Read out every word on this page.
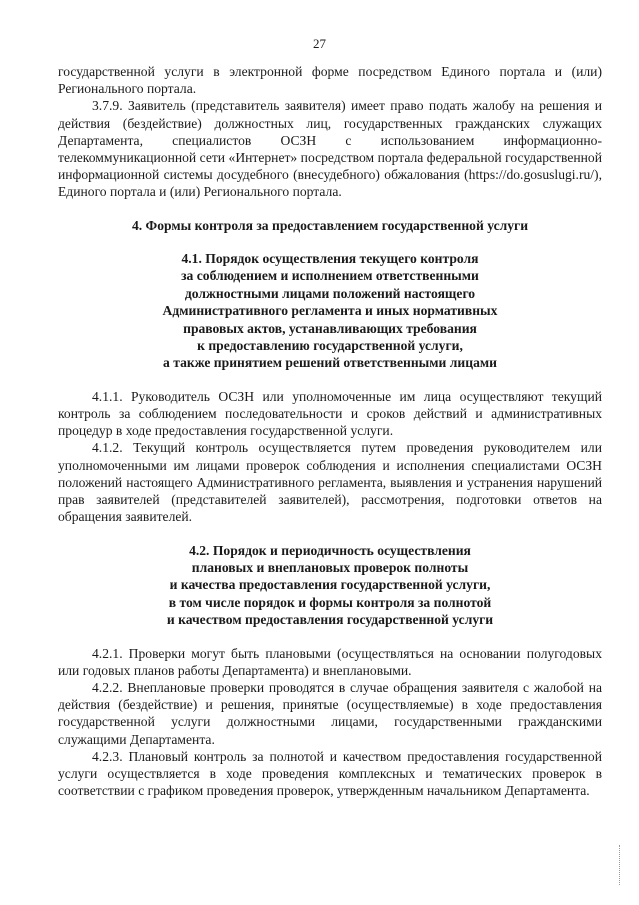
27

государственной услуги в электронной форме посредством Единого портала и (или) Регионального портала.

3.7.9. Заявитель (представитель заявителя) имеет право подать жалобу на решения и действия (бездействие) должностных лиц, государственных гражданских служащих Департамента, специалистов ОСЗН с использованием информационно-телекоммуникационной сети «Интернет» посредством портала федеральной государственной информационной системы досудебного (внесудебного) обжалования (https://do.gosuslugi.ru/), Единого портала и (или) Регионального портала.

4. Формы контроля за предоставлением государственной услуги
4.1. Порядок осуществления текущего контроля
за соблюдением и исполнением ответственными
должностными лицами положений настоящего
Административного регламента и иных нормативных
правовых актов, устанавливающих требования
к предоставлению государственной услуги,
а также принятием решений ответственными лицами

4.1.1. Руководитель ОСЗН или уполномоченные им лица осуществляют текущий контроль за соблюдением последовательности и сроков действий и административных процедур в ходе предоставления государственной услуги.

4.1.2. Текущий контроль осуществляется путем проведения руководителем или уполномоченными им лицами проверок соблюдения и исполнения специалистами ОСЗН положений настоящего Административного регламента, выявления и устранения нарушений прав заявителей (представителей заявителей), рассмотрения, подготовки ответов на обращения заявителей.

4.2. Порядок и периодичность осуществления
плановых и внеплановых проверок полноты
и качества предоставления государственной услуги,
в том числе порядок и формы контроля за полнотой
и качеством предоставления государственной услуги

4.2.1. Проверки могут быть плановыми (осуществляться на основании полугодовых или годовых планов работы Департамента) и внеплановыми.

4.2.2. Внеплановые проверки проводятся в случае обращения заявителя с жалобой на действия (бездействие) и решения, принятые (осуществляемые) в ходе предоставления государственной услуги должностными лицами, государственными гражданскими служащими Департамента.

4.2.3. Плановый контроль за полнотой и качеством предоставления государственной услуги осуществляется в ходе проведения комплексных и тематических проверок в соответствии с графиком проведения проверок, утвержденным начальником Департамента.
